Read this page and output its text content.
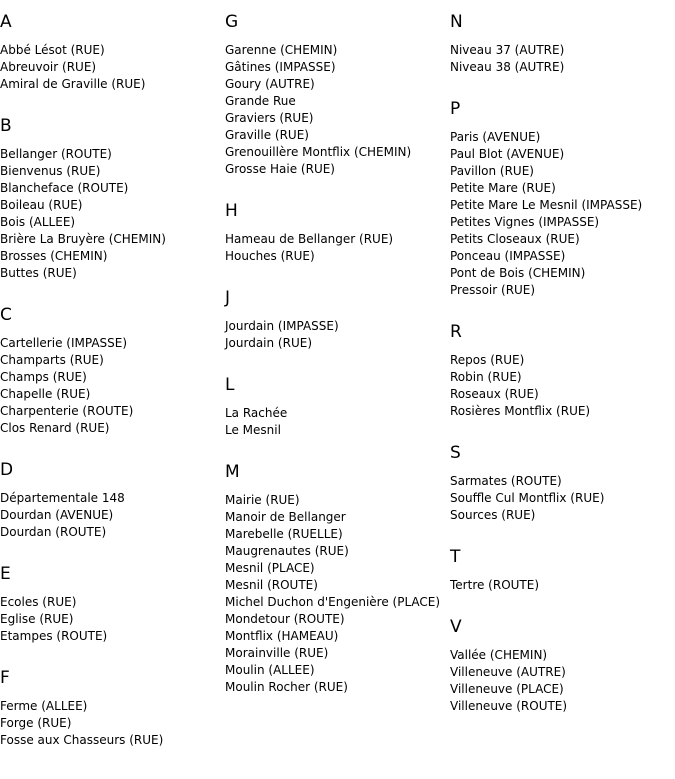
A
Abbé Lésot (RUE)
Abreuvoir (RUE)
Amiral de Graville (RUE)
B
Bellanger (ROUTE)
Bienvenus (RUE)
Blancheface (ROUTE)
Boileau (RUE)
Bois (ALLEE)
Brière La Bruyère (CHEMIN)
Brosses (CHEMIN)
Buttes (RUE)
C
Cartellerie (IMPASSE)
Champarts (RUE)
Champs (RUE)
Chapelle (RUE)
Charpenterie (ROUTE)
Clos Renard (RUE)
D
Départementale 148
Dourdan (AVENUE)
Dourdan (ROUTE)
E
Ecoles (RUE)
Eglise (RUE)
Etampes (ROUTE)
F
Ferme (ALLEE)
Forge (RUE)
Fosse aux Chasseurs (RUE)
G
Garenne (CHEMIN)
Gâtines (IMPASSE)
Goury (AUTRE)
Grande Rue
Graviers (RUE)
Graville (RUE)
Grenouillère Montflix (CHEMIN)
Grosse Haie (RUE)
H
Hameau de Bellanger (RUE)
Houches (RUE)
J
Jourdain (IMPASSE)
Jourdain (RUE)
L
La Rachée
Le Mesnil
M
Mairie (RUE)
Manoir de Bellanger
Marebelle (RUELLE)
Maugrenautes (RUE)
Mesnil (PLACE)
Mesnil (ROUTE)
Michel Duchon d'Engenière (PLACE)
Mondetour (ROUTE)
Montflix (HAMEAU)
Morainville (RUE)
Moulin (ALLEE)
Moulin Rocher (RUE)
N
Niveau 37 (AUTRE)
Niveau 38 (AUTRE)
P
Paris (AVENUE)
Paul Blot (AVENUE)
Pavillon (RUE)
Petite Mare (RUE)
Petite Mare Le Mesnil (IMPASSE)
Petites Vignes (IMPASSE)
Petits Closeaux (RUE)
Ponceau (IMPASSE)
Pont de Bois (CHEMIN)
Pressoir (RUE)
R
Repos (RUE)
Robin (RUE)
Roseaux (RUE)
Rosières Montflix (RUE)
S
Sarmates (ROUTE)
Souffle Cul Montflix (RUE)
Sources (RUE)
T
Tertre (ROUTE)
V
Vallée (CHEMIN)
Villeneuve (AUTRE)
Villeneuve (PLACE)
Villeneuve (ROUTE)
